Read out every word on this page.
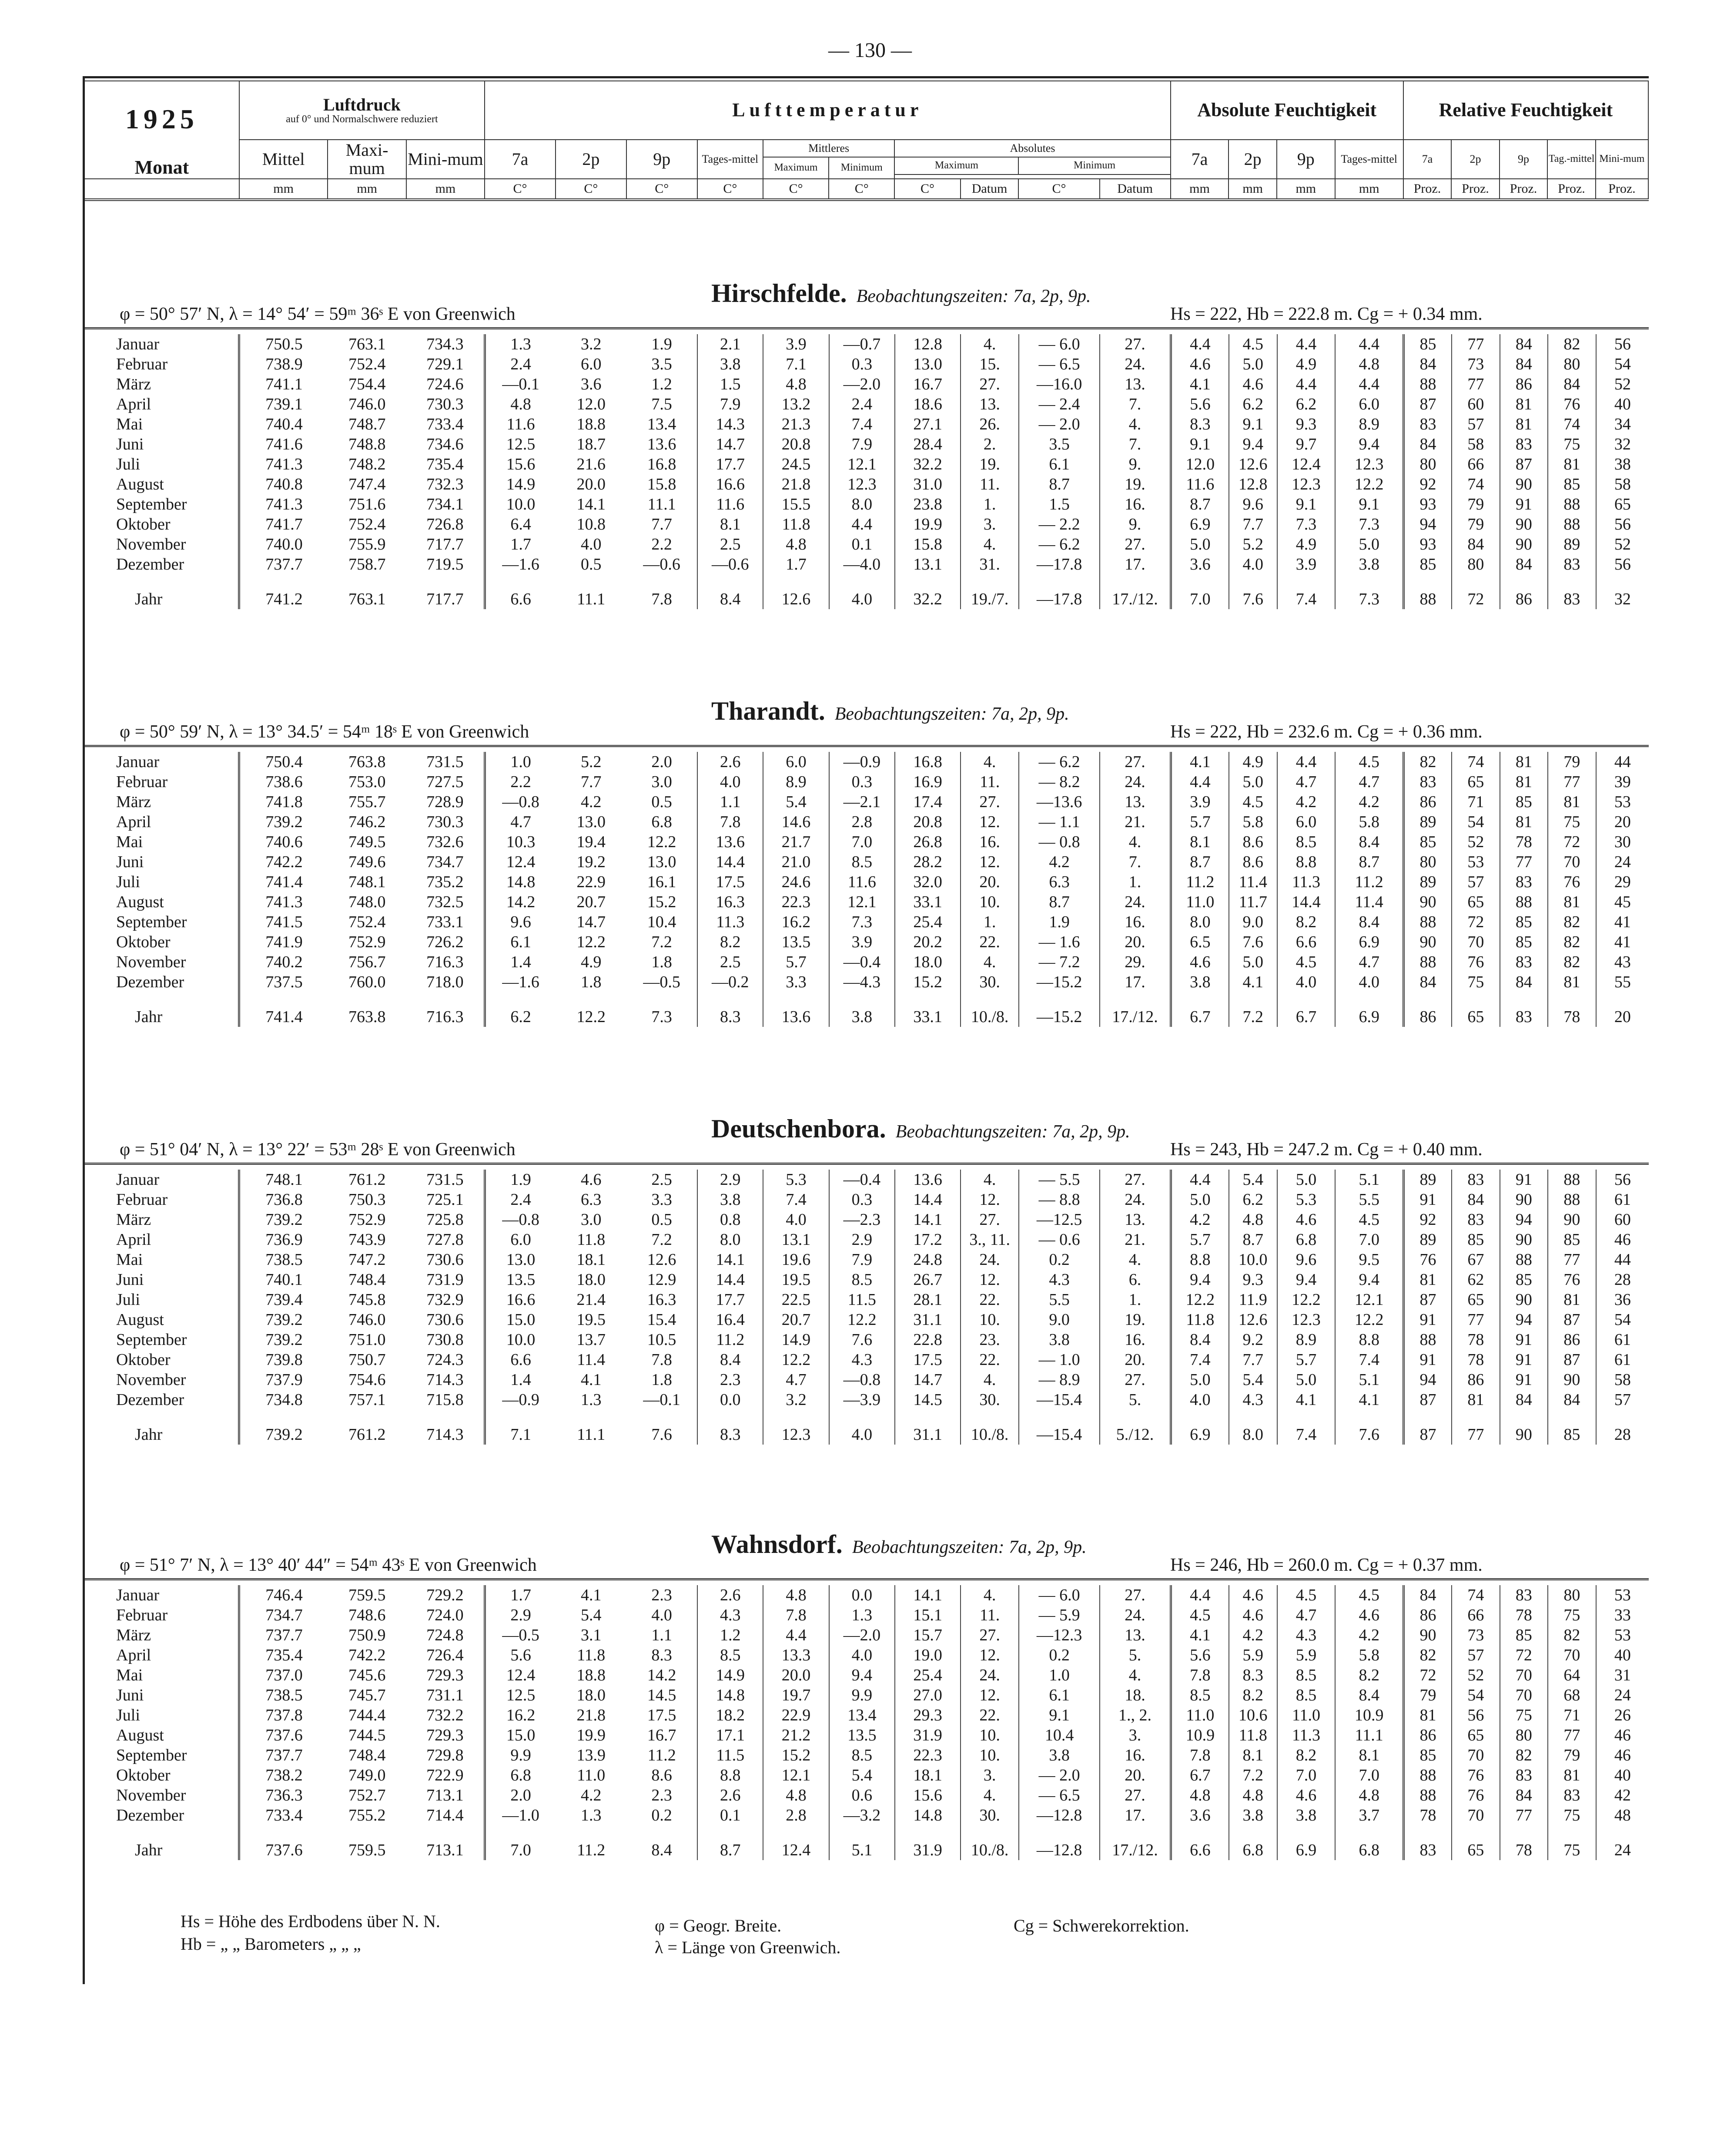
— 130 —
1925	Luftdruck
auf 0° und Normalschwere reduziert			Lufttemperatur										Absolute Feuchtigkeit				Relative Feuchtigkeit				
	Mittel	Maxi-mum	Mini-mum	7a	2p	9p	Tages-mittel	Mittleres		Absolutes				7a	2p	9p	Tages-mittel	7a	2p	9p	Tag.-mittel	Mini-mum
Monat								Maximum	Minimum	Maximum		Minimum										

	mm	mm	mm	C°	C°	C°	C°	C°	C°	C°	Datum	C°	Datum	mm	mm	mm	mm	Proz.	Proz.	Proz.	Proz.	Proz.
Hirschfelde. Beobachtungszeiten: 7a, 2p, 9p.
φ = 50° 57′ N, λ = 14° 54′ = 59ᵐ 36ˢ E von Greenwich	Hs = 222, Hb = 222.8 m. Cg = + 0.34 mm.
Januar	750.5	763.1	734.3	1.3	3.2	1.9	2.1	3.9	—0.7	12.8	4.	— 6.0	27.	4.4	4.5	4.4	4.4	85	77	84	82	56
Februar	738.9	752.4	729.1	2.4	6.0	3.5	3.8	7.1	0.3	13.0	15.	— 6.5	24.	4.6	5.0	4.9	4.8	84	73	84	80	54
März	741.1	754.4	724.6	—0.1	3.6	1.2	1.5	4.8	—2.0	16.7	27.	—16.0	13.	4.1	4.6	4.4	4.4	88	77	86	84	52
April	739.1	746.0	730.3	4.8	12.0	7.5	7.9	13.2	2.4	18.6	13.	— 2.4	7.	5.6	6.2	6.2	6.0	87	60	81	76	40
Mai	740.4	748.7	733.4	11.6	18.8	13.4	14.3	21.3	7.4	27.1	26.	— 2.0	4.	8.3	9.1	9.3	8.9	83	57	81	74	34
Juni	741.6	748.8	734.6	12.5	18.7	13.6	14.7	20.8	7.9	28.4	2.	3.5	7.	9.1	9.4	9.7	9.4	84	58	83	75	32
Juli	741.3	748.2	735.4	15.6	21.6	16.8	17.7	24.5	12.1	32.2	19.	6.1	9.	12.0	12.6	12.4	12.3	80	66	87	81	38
August	740.8	747.4	732.3	14.9	20.0	15.8	16.6	21.8	12.3	31.0	11.	8.7	19.	11.6	12.8	12.3	12.2	92	74	90	85	58
September	741.3	751.6	734.1	10.0	14.1	11.1	11.6	15.5	8.0	23.8	1.	1.5	16.	8.7	9.6	9.1	9.1	93	79	91	88	65
Oktober	741.7	752.4	726.8	6.4	10.8	7.7	8.1	11.8	4.4	19.9	3.	— 2.2	9.	6.9	7.7	7.3	7.3	94	79	90	88	56
November	740.0	755.9	717.7	1.7	4.0	2.2	2.5	4.8	0.1	15.8	4.	— 6.2	27.	5.0	5.2	4.9	5.0	93	84	90	89	52
Dezember	737.7	758.7	719.5	—1.6	0.5	—0.6	—0.6	1.7	—4.0	13.1	31.	—17.8	17.	3.6	4.0	3.9	3.8	85	80	84	83	56

Jahr	741.2	763.1	717.7	6.6	11.1	7.8	8.4	12.6	4.0	32.2	19./7.	—17.8	17./12.	7.0	7.6	7.4	7.3	88	72	86	83	32
Tharandt. Beobachtungszeiten: 7a, 2p, 9p.
φ = 50° 59′ N, λ = 13° 34.5′ = 54ᵐ 18ˢ E von Greenwich	Hs = 222, Hb = 232.6 m. Cg = + 0.36 mm.
Januar	750.4	763.8	731.5	1.0	5.2	2.0	2.6	6.0	—0.9	16.8	4.	— 6.2	27.	4.1	4.9	4.4	4.5	82	74	81	79	44
Februar	738.6	753.0	727.5	2.2	7.7	3.0	4.0	8.9	0.3	16.9	11.	— 8.2	24.	4.4	5.0	4.7	4.7	83	65	81	77	39
März	741.8	755.7	728.9	—0.8	4.2	0.5	1.1	5.4	—2.1	17.4	27.	—13.6	13.	3.9	4.5	4.2	4.2	86	71	85	81	53
April	739.2	746.2	730.3	4.7	13.0	6.8	7.8	14.6	2.8	20.8	12.	— 1.1	21.	5.7	5.8	6.0	5.8	89	54	81	75	20
Mai	740.6	749.5	732.6	10.3	19.4	12.2	13.6	21.7	7.0	26.8	16.	— 0.8	4.	8.1	8.6	8.5	8.4	85	52	78	72	30
Juni	742.2	749.6	734.7	12.4	19.2	13.0	14.4	21.0	8.5	28.2	12.	4.2	7.	8.7	8.6	8.8	8.7	80	53	77	70	24
Juli	741.4	748.1	735.2	14.8	22.9	16.1	17.5	24.6	11.6	32.0	20.	6.3	1.	11.2	11.4	11.3	11.2	89	57	83	76	29
August	741.3	748.0	732.5	14.2	20.7	15.2	16.3	22.3	12.1	33.1	10.	8.7	24.	11.0	11.7	14.4	11.4	90	65	88	81	45
September	741.5	752.4	733.1	9.6	14.7	10.4	11.3	16.2	7.3	25.4	1.	1.9	16.	8.0	9.0	8.2	8.4	88	72	85	82	41
Oktober	741.9	752.9	726.2	6.1	12.2	7.2	8.2	13.5	3.9	20.2	22.	— 1.6	20.	6.5	7.6	6.6	6.9	90	70	85	82	41
November	740.2	756.7	716.3	1.4	4.9	1.8	2.5	5.7	—0.4	18.0	4.	— 7.2	29.	4.6	5.0	4.5	4.7	88	76	83	82	43
Dezember	737.5	760.0	718.0	—1.6	1.8	—0.5	—0.2	3.3	—4.3	15.2	30.	—15.2	17.	3.8	4.1	4.0	4.0	84	75	84	81	55

Jahr	741.4	763.8	716.3	6.2	12.2	7.3	8.3	13.6	3.8	33.1	10./8.	—15.2	17./12.	6.7	7.2	6.7	6.9	86	65	83	78	20
Deutschenbora. Beobachtungszeiten: 7a, 2p, 9p.
φ = 51° 04′ N, λ = 13° 22′ = 53ᵐ 28ˢ E von Greenwich	Hs = 243, Hb = 247.2 m. Cg = + 0.40 mm.
Januar	748.1	761.2	731.5	1.9	4.6	2.5	2.9	5.3	—0.4	13.6	4.	— 5.5	27.	4.4	5.4	5.0	5.1	89	83	91	88	56
Februar	736.8	750.3	725.1	2.4	6.3	3.3	3.8	7.4	0.3	14.4	12.	— 8.8	24.	5.0	6.2	5.3	5.5	91	84	90	88	61
März	739.2	752.9	725.8	—0.8	3.0	0.5	0.8	4.0	—2.3	14.1	27.	—12.5	13.	4.2	4.8	4.6	4.5	92	83	94	90	60
April	736.9	743.9	727.8	6.0	11.8	7.2	8.0	13.1	2.9	17.2	3., 11.	— 0.6	21.	5.7	8.7	6.8	7.0	89	85	90	85	46
Mai	738.5	747.2	730.6	13.0	18.1	12.6	14.1	19.6	7.9	24.8	24.	0.2	4.	8.8	10.0	9.6	9.5	76	67	88	77	44
Juni	740.1	748.4	731.9	13.5	18.0	12.9	14.4	19.5	8.5	26.7	12.	4.3	6.	9.4	9.3	9.4	9.4	81	62	85	76	28
Juli	739.4	745.8	732.9	16.6	21.4	16.3	17.7	22.5	11.5	28.1	22.	5.5	1.	12.2	11.9	12.2	12.1	87	65	90	81	36
August	739.2	746.0	730.6	15.0	19.5	15.4	16.4	20.7	12.2	31.1	10.	9.0	19.	11.8	12.6	12.3	12.2	91	77	94	87	54
September	739.2	751.0	730.8	10.0	13.7	10.5	11.2	14.9	7.6	22.8	23.	3.8	16.	8.4	9.2	8.9	8.8	88	78	91	86	61
Oktober	739.8	750.7	724.3	6.6	11.4	7.8	8.4	12.2	4.3	17.5	22.	— 1.0	20.	7.4	7.7	5.7	7.4	91	78	91	87	61
November	737.9	754.6	714.3	1.4	4.1	1.8	2.3	4.7	—0.8	14.7	4.	— 8.9	27.	5.0	5.4	5.0	5.1	94	86	91	90	58
Dezember	734.8	757.1	715.8	—0.9	1.3	—0.1	0.0	3.2	—3.9	14.5	30.	—15.4	5.	4.0	4.3	4.1	4.1	87	81	84	84	57

Jahr	739.2	761.2	714.3	7.1	11.1	7.6	8.3	12.3	4.0	31.1	10./8.	—15.4	5./12.	6.9	8.0	7.4	7.6	87	77	90	85	28
Wahnsdorf. Beobachtungszeiten: 7a, 2p, 9p.
φ = 51° 7′ N, λ = 13° 40′ 44″ = 54ᵐ 43ˢ E von Greenwich	Hs = 246, Hb = 260.0 m. Cg = + 0.37 mm.
Januar	746.4	759.5	729.2	1.7	4.1	2.3	2.6	4.8	0.0	14.1	4.	— 6.0	27.	4.4	4.6	4.5	4.5	84	74	83	80	53
Februar	734.7	748.6	724.0	2.9	5.4	4.0	4.3	7.8	1.3	15.1	11.	— 5.9	24.	4.5	4.6	4.7	4.6	86	66	78	75	33
März	737.7	750.9	724.8	—0.5	3.1	1.1	1.2	4.4	—2.0	15.7	27.	—12.3	13.	4.1	4.2	4.3	4.2	90	73	85	82	53
April	735.4	742.2	726.4	5.6	11.8	8.3	8.5	13.3	4.0	19.0	12.	0.2	5.	5.6	5.9	5.9	5.8	82	57	72	70	40
Mai	737.0	745.6	729.3	12.4	18.8	14.2	14.9	20.0	9.4	25.4	24.	1.0	4.	7.8	8.3	8.5	8.2	72	52	70	64	31
Juni	738.5	745.7	731.1	12.5	18.0	14.5	14.8	19.7	9.9	27.0	12.	6.1	18.	8.5	8.2	8.5	8.4	79	54	70	68	24
Juli	737.8	744.4	732.2	16.2	21.8	17.5	18.2	22.9	13.4	29.3	22.	9.1	1., 2.	11.0	10.6	11.0	10.9	81	56	75	71	26
August	737.6	744.5	729.3	15.0	19.9	16.7	17.1	21.2	13.5	31.9	10.	10.4	3.	10.9	11.8	11.3	11.1	86	65	80	77	46
September	737.7	748.4	729.8	9.9	13.9	11.2	11.5	15.2	8.5	22.3	10.	3.8	16.	7.8	8.1	8.2	8.1	85	70	82	79	46
Oktober	738.2	749.0	722.9	6.8	11.0	8.6	8.8	12.1	5.4	18.1	3.	— 2.0	20.	6.7	7.2	7.0	7.0	88	76	83	81	40
November	736.3	752.7	713.1	2.0	4.2	2.3	2.6	4.8	0.6	15.6	4.	— 6.5	27.	4.8	4.8	4.6	4.8	88	76	84	83	42
Dezember	733.4	755.2	714.4	—1.0	1.3	0.2	0.1	2.8	—3.2	14.8	30.	—12.8	17.	3.6	3.8	3.8	3.7	78	70	77	75	48

Jahr	737.6	759.5	713.1	7.0	11.2	8.4	8.7	12.4	5.1	31.9	10./8.	—12.8	17./12.	6.6	6.8	6.9	6.8	83	65	78	75	24
Hs = Höhe des Erdbodens über N. N.
Hb = „ „ Barometers „ „ „
φ = Geogr. Breite.
λ = Länge von Greenwich.
Cg = Schwerekorrektion.
